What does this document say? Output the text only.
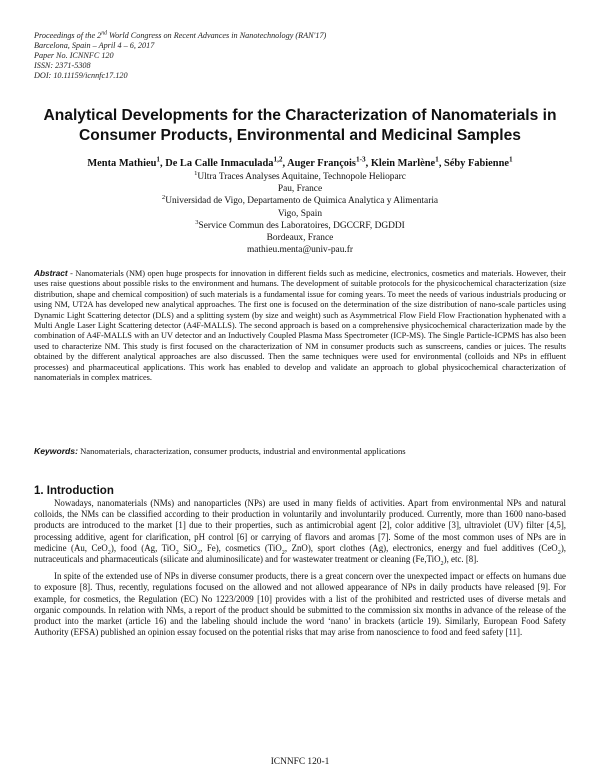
Proceedings of the 2nd World Congress on Recent Advances in Nanotechnology (RAN'17)
Barcelona, Spain – April 4 – 6, 2017
Paper No. ICNNFC 120
ISSN: 2371-5308
DOI: 10.11159/icnnfc17.120
Analytical Developments for the Characterization of Nanomaterials in Consumer Products, Environmental and Medicinal Samples
Menta Mathieu$^1$, De La Calle Inmaculada$^{1,2}$, Auger François$^{1-3}$, Klein Marlène$^1$, Séby Fabienne$^1$
$^1$Ultra Traces Analyses Aquitaine, Technopole Helioparc
Pau, France
$^2$Universidad de Vigo, Departamento de Quimica Analytica y Alimentaria
Vigo, Spain
$^3$Service Commun des Laboratoires, DGCCRF, DGDDI
Bordeaux, France
mathieu.menta@univ-pau.fr
Abstract - Nanomaterials (NM) open huge prospects for innovation in different fields such as medicine, electronics, cosmetics and materials. However, their uses raise questions about possible risks to the environment and humans. The development of suitable protocols for the physicochemical characterization (size distribution, shape and chemical composition) of such materials is a fundamental issue for coming years. To meet the needs of various industrials producing or using NM, UT2A has developed new analytical approaches. The first one is focused on the determination of the size distribution of nano-scale particles using Dynamic Light Scattering detector (DLS) and a splitting system (by size and weight) such as Asymmetrical Flow Field Flow Fractionation hyphenated with a Multi Angle Laser Light Scattering detector (A4F-MALLS). The second approach is based on a comprehensive physicochemical characterization made by the combination of A4F-MALLS with an UV detector and an Inductively Coupled Plasma Mass Spectrometer (ICP-MS). The Single Particle-ICPMS has also been used to characterize NM. This study is first focused on the characterization of NM in consumer products such as sunscreens, candies or juices. The results obtained by the different analytical approaches are also discussed. Then the same techniques were used for environmental (colloids and NPs in effluent processes) and pharmaceutical applications. This work has enabled to develop and validate an approach to global physicochemical characterization of nanomaterials in complex matrices.
Keywords: Nanomaterials, characterization, consumer products, industrial and environmental applications
1. Introduction

Nowadays, nanomaterials (NMs) and nanoparticles (NPs) are used in many fields of activities. Apart from environmental NPs and natural colloids, the NMs can be classified according to their production in voluntarily and involuntarily produced. Currently, more than 1600 nano-based products are introduced to the market [1] due to their properties, such as antimicrobial agent [2], color additive [3], ultraviolet (UV) filter [4,5], processing additive, agent for clarification, pH control [6] or carrying of flavors and aromas [7]. Some of the most common uses of NPs are in medicine (Au, CeO$_2$), food (Ag, TiO$_2$ SiO$_2$, Fe), cosmetics (TiO$_2$, ZnO), sport clothes (Ag), electronics, energy and fuel additives (CeO$_2$), nutraceuticals and pharmaceuticals (silicate and aluminosilicate) and for wastewater treatment or cleaning (Fe,TiO$_2$), etc. [8].

In spite of the extended use of NPs in diverse consumer products, there is a great concern over the unexpected impact or effects on humans due to exposure [8]. Thus, recently, regulations focused on the allowed and not allowed appearance of NPs in daily products have released [9]. For example, for cosmetics, the Regulation (EC) No 1223/2009 [10] provides with a list of the prohibited and restricted uses of diverse metals and organic compounds. In relation with NMs, a report of the product should be submitted to the commission six months in advance of the release of the product into the market (article 16) and the labeling should include the word ‘nano’ in brackets (article 19). Similarly, European Food Safety Authority (EFSA) published an opinion essay focused on the potential risks that may arise from nanoscience to food and feed safety [11].

ICNNFC 120-1
